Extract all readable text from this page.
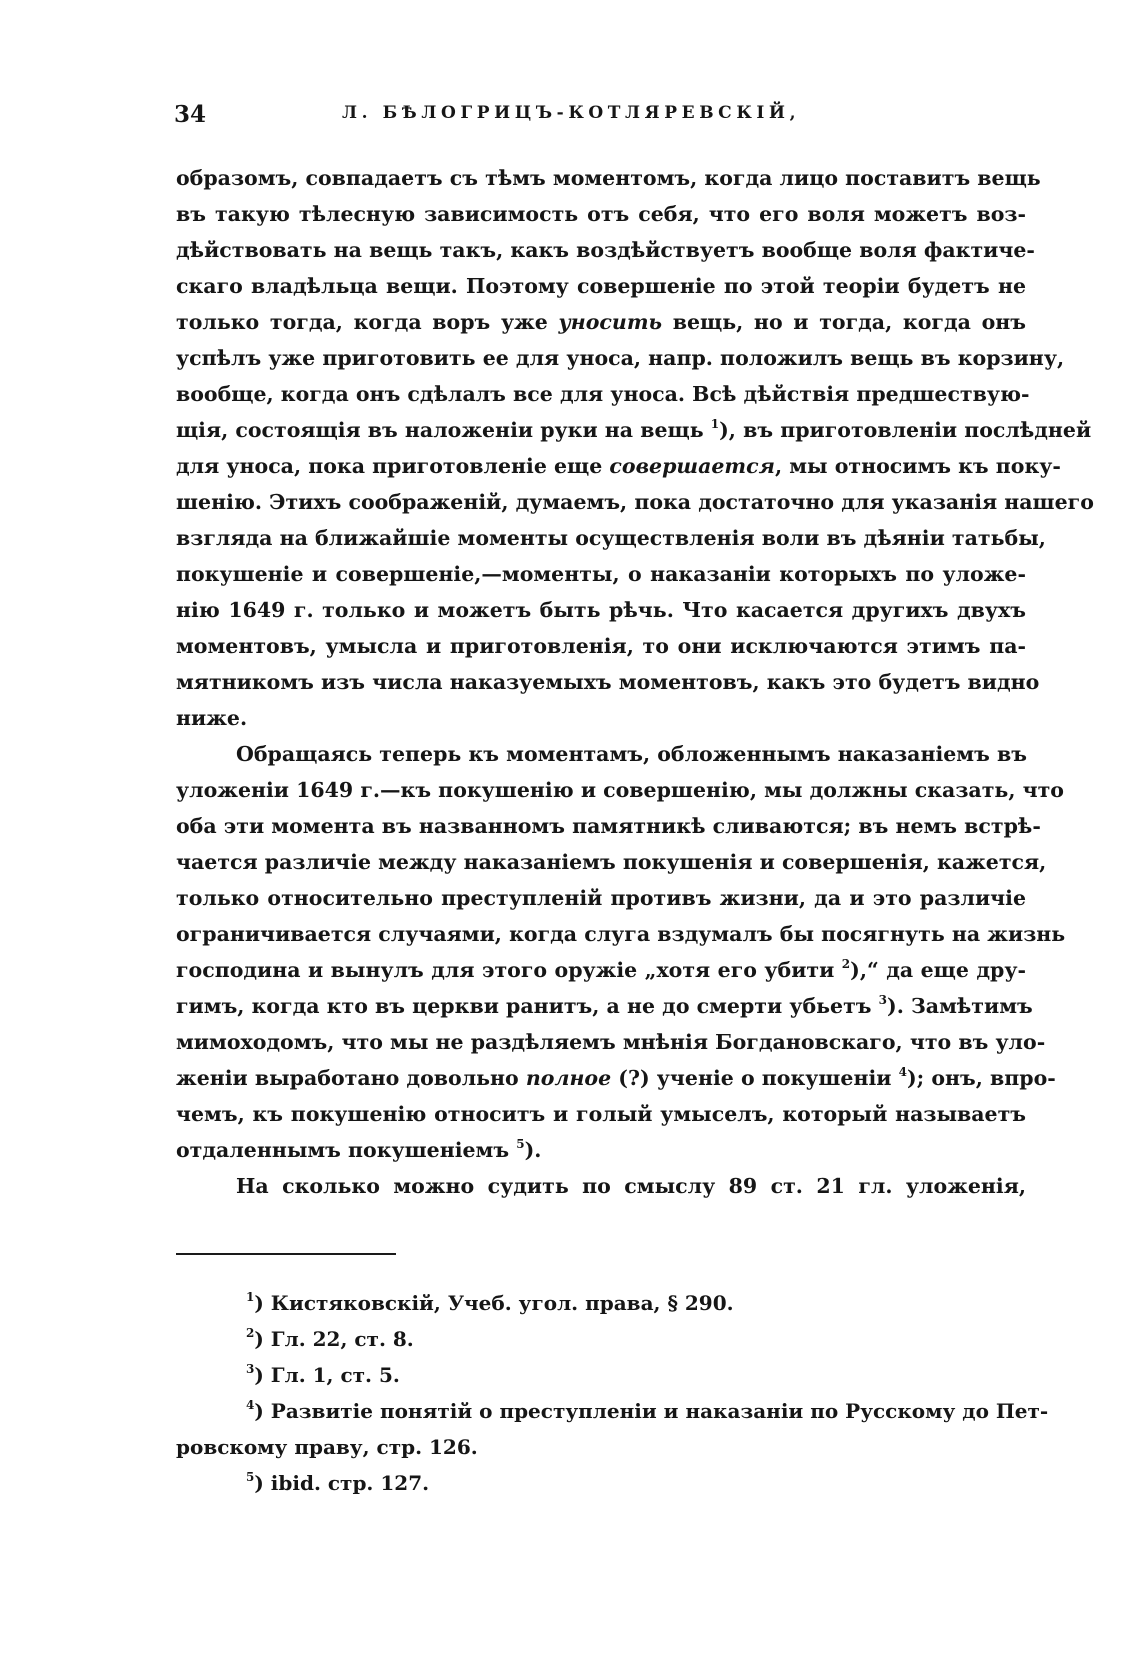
34	Л. БѢЛОГРИЦЪ-КОТЛЯРЕВСКІЙ,
образомъ, совпадаетъ съ тѣмъ моментомъ, когда лицо поставитъ вещь
въ такую тѣлесную зависимость отъ себя, что его воля можетъ воз-
дѣйствовать на вещь такъ, какъ воздѣйствуетъ вообще воля фактиче-
скаго владѣльца вещи. Поэтому совершеніе по этой теоріи будетъ не
только тогда, когда воръ уже уносить вещь, но и тогда, когда онъ
успѣлъ уже приготовить ее для уноса, напр. положилъ вещь въ корзину,
вообще, когда онъ сдѣлалъ все для уноса. Всѣ дѣйствія предшествую-
щія, состоящія въ наложеніи руки на вещь $^1$), въ приготовленіи послѣдней
для уноса, пока приготовленіе еще совершается, мы относимъ къ поку-
шенію. Этихъ соображеній, думаемъ, пока достаточно для указанія нашего
взгляда на ближайшіе моменты осуществленія воли въ дѣяніи татьбы,
покушеніе и совершеніе,—моменты, о наказаніи которыхъ по уложе-
нію 1649 г. только и можетъ быть рѣчь. Что касается другихъ двухъ
моментовъ, умысла и приготовленія, то они исключаются этимъ па-
мятникомъ изъ числа наказуемыхъ моментовъ, какъ это будетъ видно
ниже.
Обращаясь теперь къ моментамъ, обложеннымъ наказаніемъ въ
уложеніи 1649 г.—къ покушенію и совершенію, мы должны сказать, что
оба эти момента въ названномъ памятникѣ сливаются; въ немъ встрѣ-
чается различіе между наказаніемъ покушенія и совершенія, кажется,
только относительно преступленій противъ жизни, да и это различіе
ограничивается случаями, когда слуга вздумалъ бы посягнуть на жизнь
господина и вынулъ для этого оружіе „хотя его убити $^2$),“ да еще дру-
гимъ, когда кто въ церкви ранитъ, а не до смерти убьетъ $^3$). Замѣтимъ
мимоходомъ, что мы не раздѣляемъ мнѣнія Богдановскаго, что въ уло-
женіи выработано довольно полное (?) ученіе о покушеніи $^4$); онъ, впро-
чемъ, къ покушенію относитъ и голый умыселъ, который называетъ
отдаленнымъ покушеніемъ $^5$).
На сколько можно судить по смыслу 89 ст. 21 гл. уложенія,
$^1$) Кистяковскій, Учеб. угол. права, § 290.
$^2$) Гл. 22, ст. 8.
$^3$) Гл. 1, ст. 5.
$^4$) Развитіе понятій о преступленіи и наказаніи по Русскому до Пет-
ровскому праву, стр. 126.
$^5$) ibid. стр. 127.
